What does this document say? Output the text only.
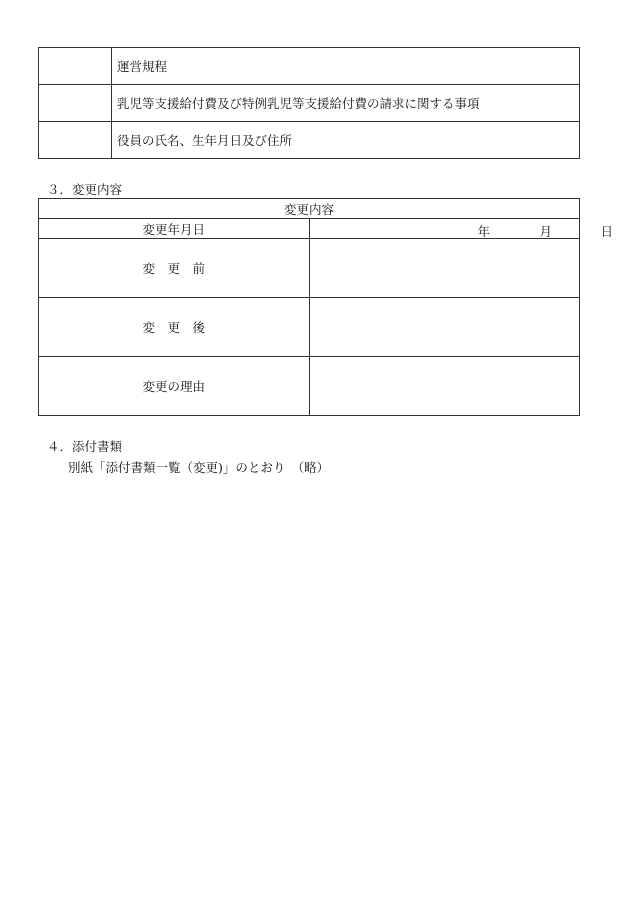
	運営規程
	乳児等支援給付費及び特例乳児等支援給付費の請求に関する事項
	役員の氏名、生年月日及び住所
３．変更内容
変更内容	
変更年月日	年 月 日

変　更　前	
変　更　後	
変更の理由	
４．添付書類
別紙「添付書類一覧（変更)」のとおり　（略）
